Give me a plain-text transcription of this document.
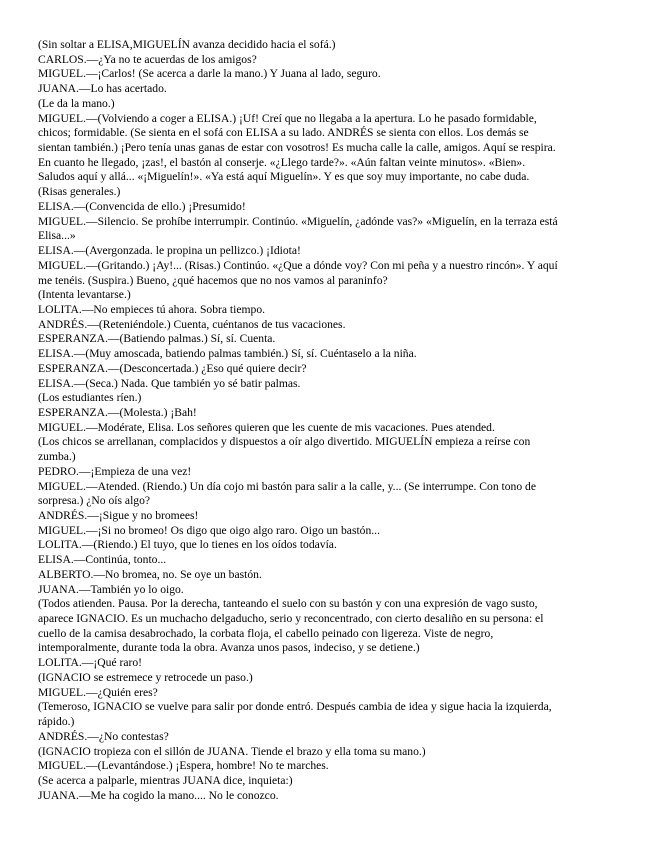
(Sin soltar a ELISA,MIGUELÍN avanza decidido hacia el sofá.)
CARLOS.—¿Ya no te acuerdas de los amigos?
MIGUEL.—¡Carlos! (Se acerca a darle la mano.) Y Juana al lado, seguro.
JUANA.—Lo has acertado.
(Le da la mano.)
MIGUEL.—(Volviendo a coger a ELISA.) ¡Uf! Creí que no llegaba a la apertura. Lo he pasado formidable,
chicos; formidable. (Se sienta en el sofá con ELISA a su lado. ANDRÉS se sienta con ellos. Los demás se
sientan también.) ¡Pero tenía unas ganas de estar con vosotros! Es mucha calle la calle, amigos. Aquí se respira.
En cuanto he llegado, ¡zas!, el bastón al conserje. «¿Llego tarde?». «Aún faltan veinte minutos». «Bien».
Saludos aquí y allá... «¡Miguelín!». «Ya está aquí Miguelín». Y es que soy muy importante, no cabe duda.
(Risas generales.)
ELISA.—(Convencida de ello.) ¡Presumido!
MIGUEL.—Silencio. Se prohíbe interrumpir. Continúo. «Miguelín, ¿adónde vas?» «Miguelín, en la terraza está
Elisa...»
ELISA.—(Avergonzada. le propina un pellizco.) ¡Idiota!
MIGUEL.—(Gritando.) ¡Ay!... (Risas.) Continúo. «¿Que a dónde voy? Con mi peña y a nuestro rincón». Y aquí
me tenéis. (Suspira.) Bueno, ¿qué hacemos que no nos vamos al paraninfo?
(Intenta levantarse.)
LOLITA.—No empieces tú ahora. Sobra tiempo.
ANDRÉS.—(Reteniéndole.) Cuenta, cuéntanos de tus vacaciones.
ESPERANZA.—(Batiendo palmas.) Sí, sí. Cuenta.
ELISA.—(Muy amoscada, batiendo palmas también.) Sí, sí. Cuéntaselo a la niña.
ESPERANZA.—(Desconcertada.) ¿Eso qué quiere decir?
ELISA.—(Seca.) Nada. Que también yo sé batir palmas.
(Los estudiantes ríen.)
ESPERANZA.—(Molesta.) ¡Bah!
MIGUEL.—Modérate, Elisa. Los señores quieren que les cuente de mis vacaciones. Pues atended.
(Los chicos se arrellanan, complacidos y dispuestos a oír algo divertido. MIGUELÍN empieza a reírse con
zumba.)
PEDRO.—¡Empieza de una vez!
MIGUEL.—Atended. (Riendo.) Un día cojo mi bastón para salir a la calle, y... (Se interrumpe. Con tono de
sorpresa.) ¿No oís algo?
ANDRÉS.—¡Sigue y no bromees!
MIGUEL.—¡Si no bromeo! Os digo que oigo algo raro. Oigo un bastón...
LOLITA.—(Riendo.) El tuyo, que lo tienes en los oídos todavía.
ELISA.—Continúa, tonto...
ALBERTO.—No bromea, no. Se oye un bastón.
JUANA.—También yo lo oigo.
(Todos atienden. Pausa. Por la derecha, tanteando el suelo con su bastón y con una expresión de vago susto,
aparece IGNACIO. Es un muchacho delgaducho, serio y reconcentrado, con cierto desaliño en su persona: el
cuello de la camisa desabrochado, la corbata floja, el cabello peinado con ligereza. Viste de negro,
intemporalmente, durante toda la obra. Avanza unos pasos, indeciso, y se detiene.)
LOLITA.—¡Qué raro!
(IGNACIO se estremece y retrocede un paso.)
MIGUEL.—¿Quién eres?
(Temeroso, IGNACIO se vuelve para salir por donde entró. Después cambia de idea y sigue hacia la izquierda,
rápido.)
ANDRÉS.—¿No contestas?
(IGNACIO tropieza con el sillón de JUANA. Tiende el brazo y ella toma su mano.)
MIGUEL.—(Levantándose.) ¡Espera, hombre! No te marches.
(Se acerca a palparle, mientras JUANA dice, inquieta:)
JUANA.—Me ha cogido la mano.... No le conozco.
